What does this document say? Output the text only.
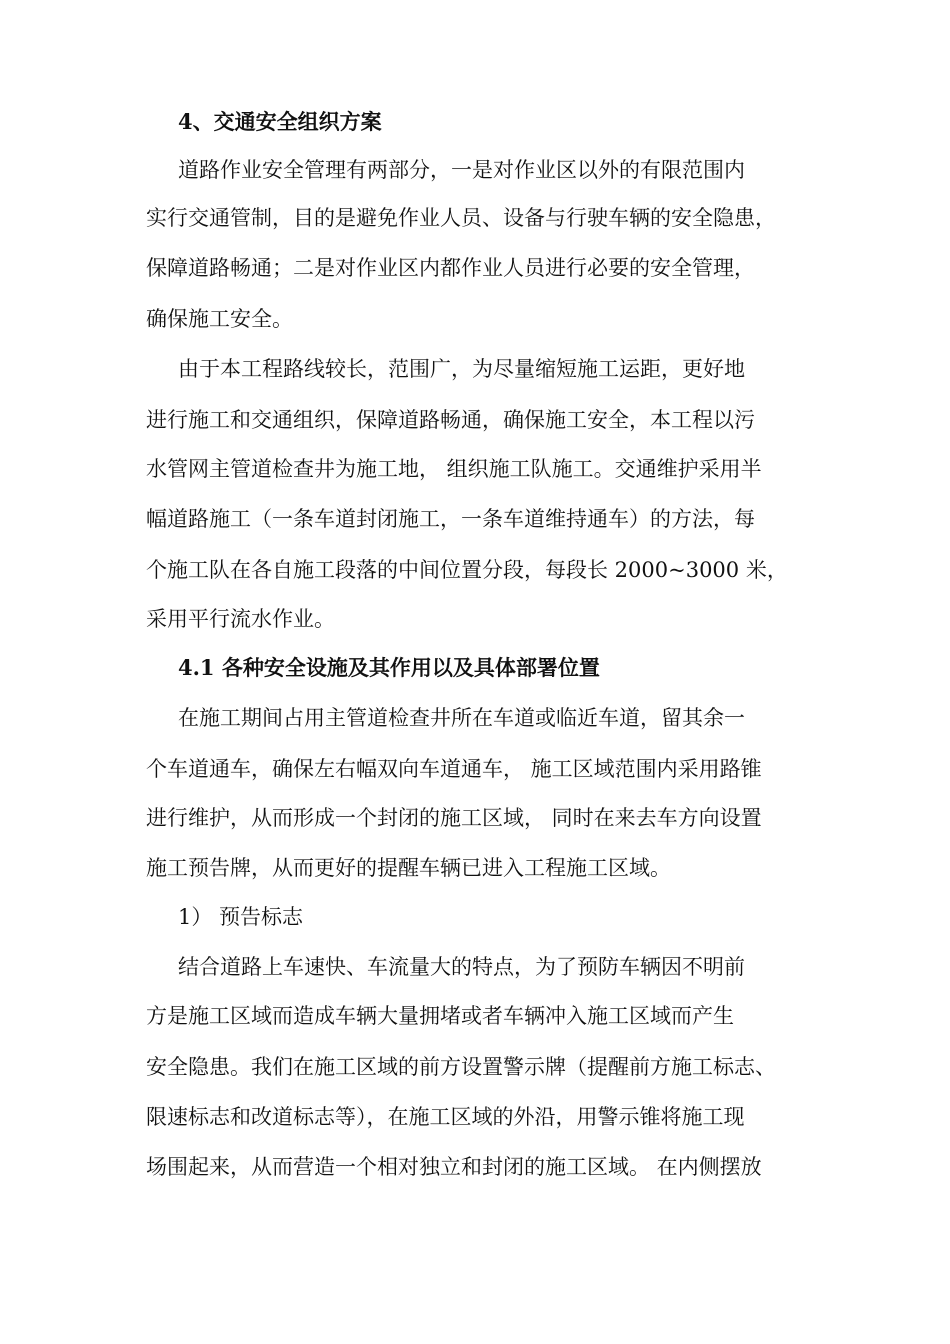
4、交通安全组织方案
道路作业安全管理有两部分，一是对作业区以外的有限范围内
实行交通管制，目的是避免作业人员、设备与行驶车辆的安全隐患，
保障道路畅通；二是对作业区内都作业人员进行必要的安全管理，
确保施工安全。
由于本工程路线较长，范围广，为尽量缩短施工运距，更好地
进行施工和交通组织，保障道路畅通，确保施工安全，本工程以污
水管网主管道检查井为施工地， 组织施工队施工。交通维护采用半
幅道路施工（一条车道封闭施工，一条车道维持通车）的方法，每
个施工队在各自施工段落的中间位置分段，每段长 2000~3000 米，
采用平行流水作业。
4.1 各种安全设施及其作用以及具体部署位置
在施工期间占用主管道检查井所在车道或临近车道，留其余一
个车道通车，确保左右幅双向车道通车， 施工区域范围内采用路锥
进行维护，从而形成一个封闭的施工区域， 同时在来去车方向设置
施工预告牌，从而更好的提醒车辆已进入工程施工区域。
1） 预告标志
结合道路上车速快、车流量大的特点，为了预防车辆因不明前
方是施工区域而造成车辆大量拥堵或者车辆冲入施工区域而产生
安全隐患。我们在施工区域的前方设置警示牌（提醒前方施工标志、
限速标志和改道标志等），在施工区域的外沿，用警示锥将施工现
场围起来，从而营造一个相对独立和封闭的施工区域。 在内侧摆放
